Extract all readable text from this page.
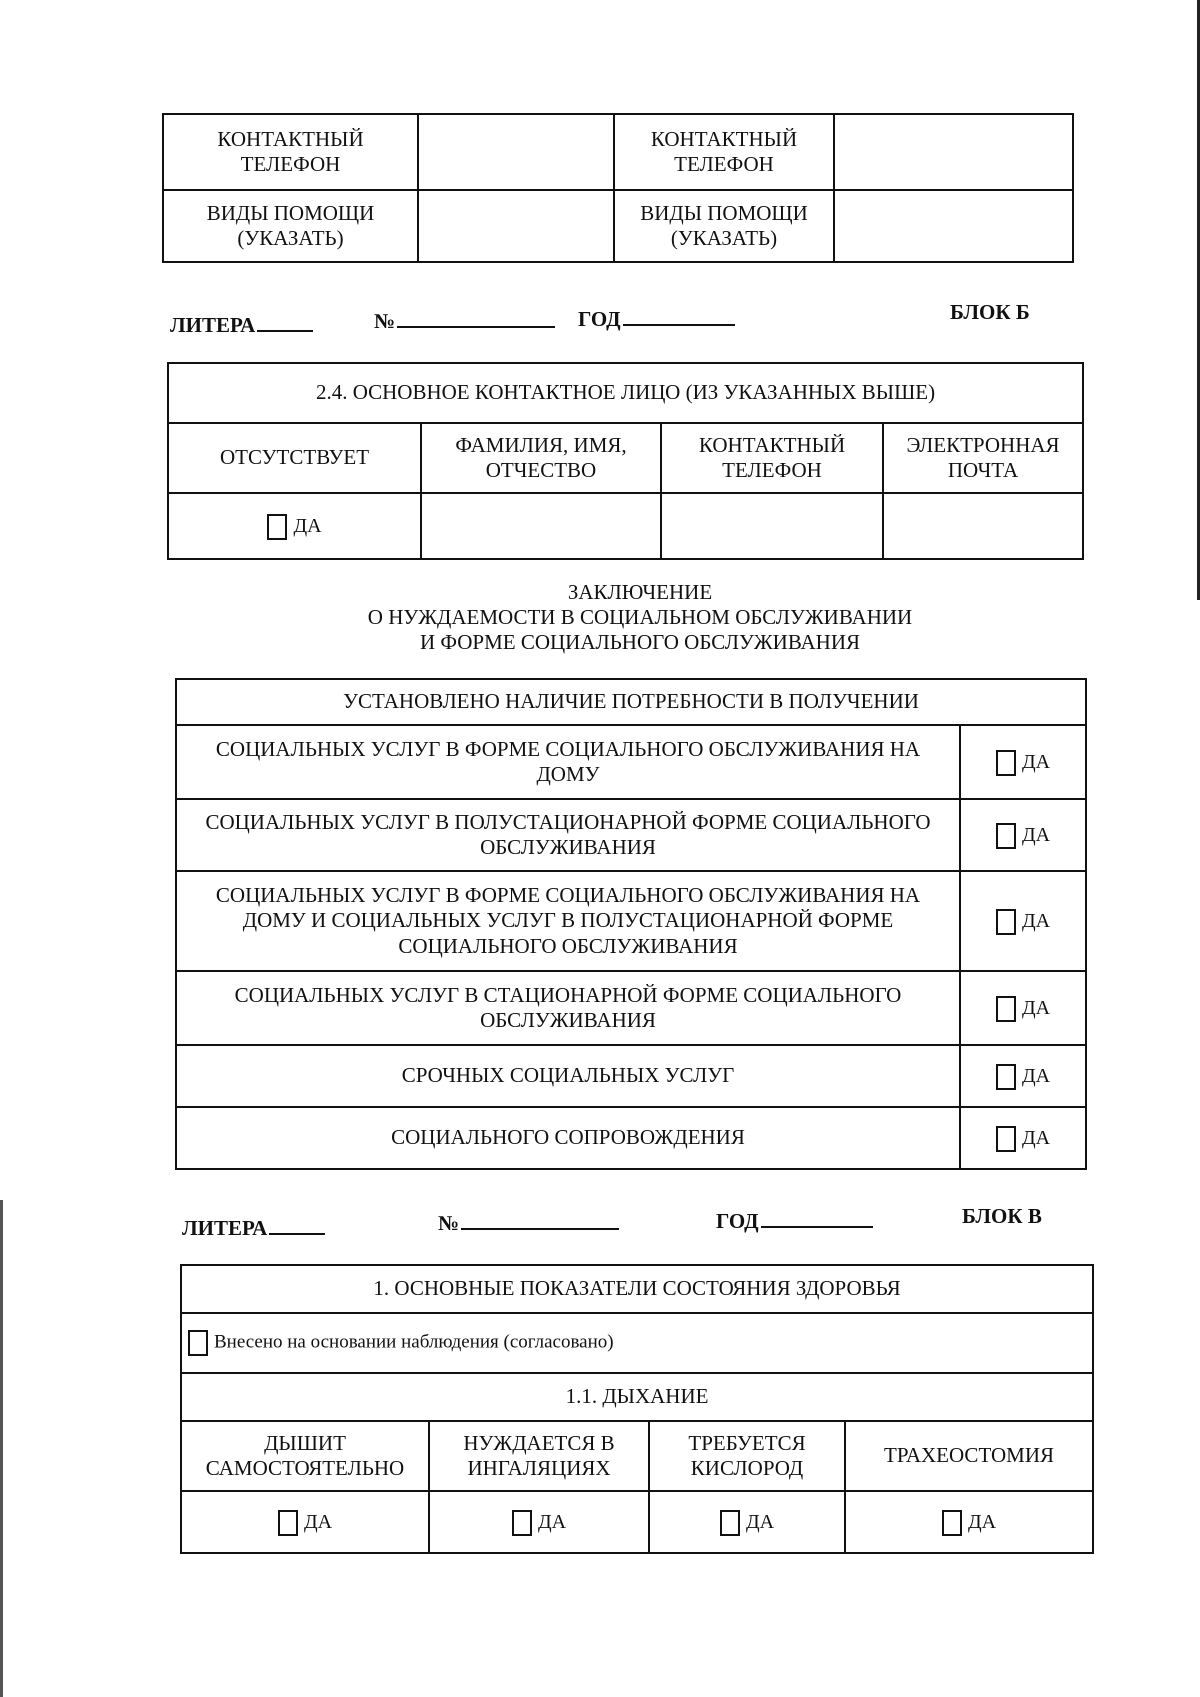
КОНТАКТНЫЙ ТЕЛЕФОН		КОНТАКТНЫЙ ТЕЛЕФОН	
ВИДЫ ПОМОЩИ (УКАЗАТЬ)		ВИДЫ ПОМОЩИ (УКАЗАТЬ)	
ЛИТЕРА	№	ГОД	БЛОК Б
2.4. ОСНОВНОЕ КОНТАКТНОЕ ЛИЦО (ИЗ УКАЗАННЫХ ВЫШЕ)			
ОТСУТСТВУЕТ	ФАМИЛИЯ, ИМЯ, ОТЧЕСТВО	КОНТАКТНЫЙ ТЕЛЕФОН	ЭЛЕКТРОННАЯ ПОЧТА
ДА			
ЗАКЛЮЧЕНИЕ
О НУЖДАЕМОСТИ В СОЦИАЛЬНОМ ОБСЛУЖИВАНИИ
И ФОРМЕ СОЦИАЛЬНОГО ОБСЛУЖИВАНИЯ
УСТАНОВЛЕНО НАЛИЧИЕ ПОТРЕБНОСТИ В ПОЛУЧЕНИИ	
СОЦИАЛЬНЫХ УСЛУГ В ФОРМЕ СОЦИАЛЬНОГО ОБСЛУЖИВАНИЯ НА ДОМУ	ДА
СОЦИАЛЬНЫХ УСЛУГ В ПОЛУСТАЦИОНАРНОЙ ФОРМЕ СОЦИАЛЬНОГО ОБСЛУЖИВАНИЯ	ДА
СОЦИАЛЬНЫХ УСЛУГ В ФОРМЕ СОЦИАЛЬНОГО ОБСЛУЖИВАНИЯ НА ДОМУ И СОЦИАЛЬНЫХ УСЛУГ В ПОЛУСТАЦИОНАРНОЙ ФОРМЕ СОЦИАЛЬНОГО ОБСЛУЖИВАНИЯ	ДА
СОЦИАЛЬНЫХ УСЛУГ В СТАЦИОНАРНОЙ ФОРМЕ СОЦИАЛЬНОГО ОБСЛУЖИВАНИЯ	ДА
СРОЧНЫХ СОЦИАЛЬНЫХ УСЛУГ	ДА
СОЦИАЛЬНОГО СОПРОВОЖДЕНИЯ	ДА
ЛИТЕРА	№	ГОД	БЛОК В
1. ОСНОВНЫЕ ПОКАЗАТЕЛИ СОСТОЯНИЯ ЗДОРОВЬЯ			
Внесено на основании наблюдения (согласовано)			
1.1. ДЫХАНИЕ			
ДЫШИТ САМОСТОЯТЕЛЬНО	НУЖДАЕТСЯ В ИНГАЛЯЦИЯХ	ТРЕБУЕТСЯ КИСЛОРОД	ТРАХЕОСТОМИЯ
ДА	ДА	ДА	ДА
